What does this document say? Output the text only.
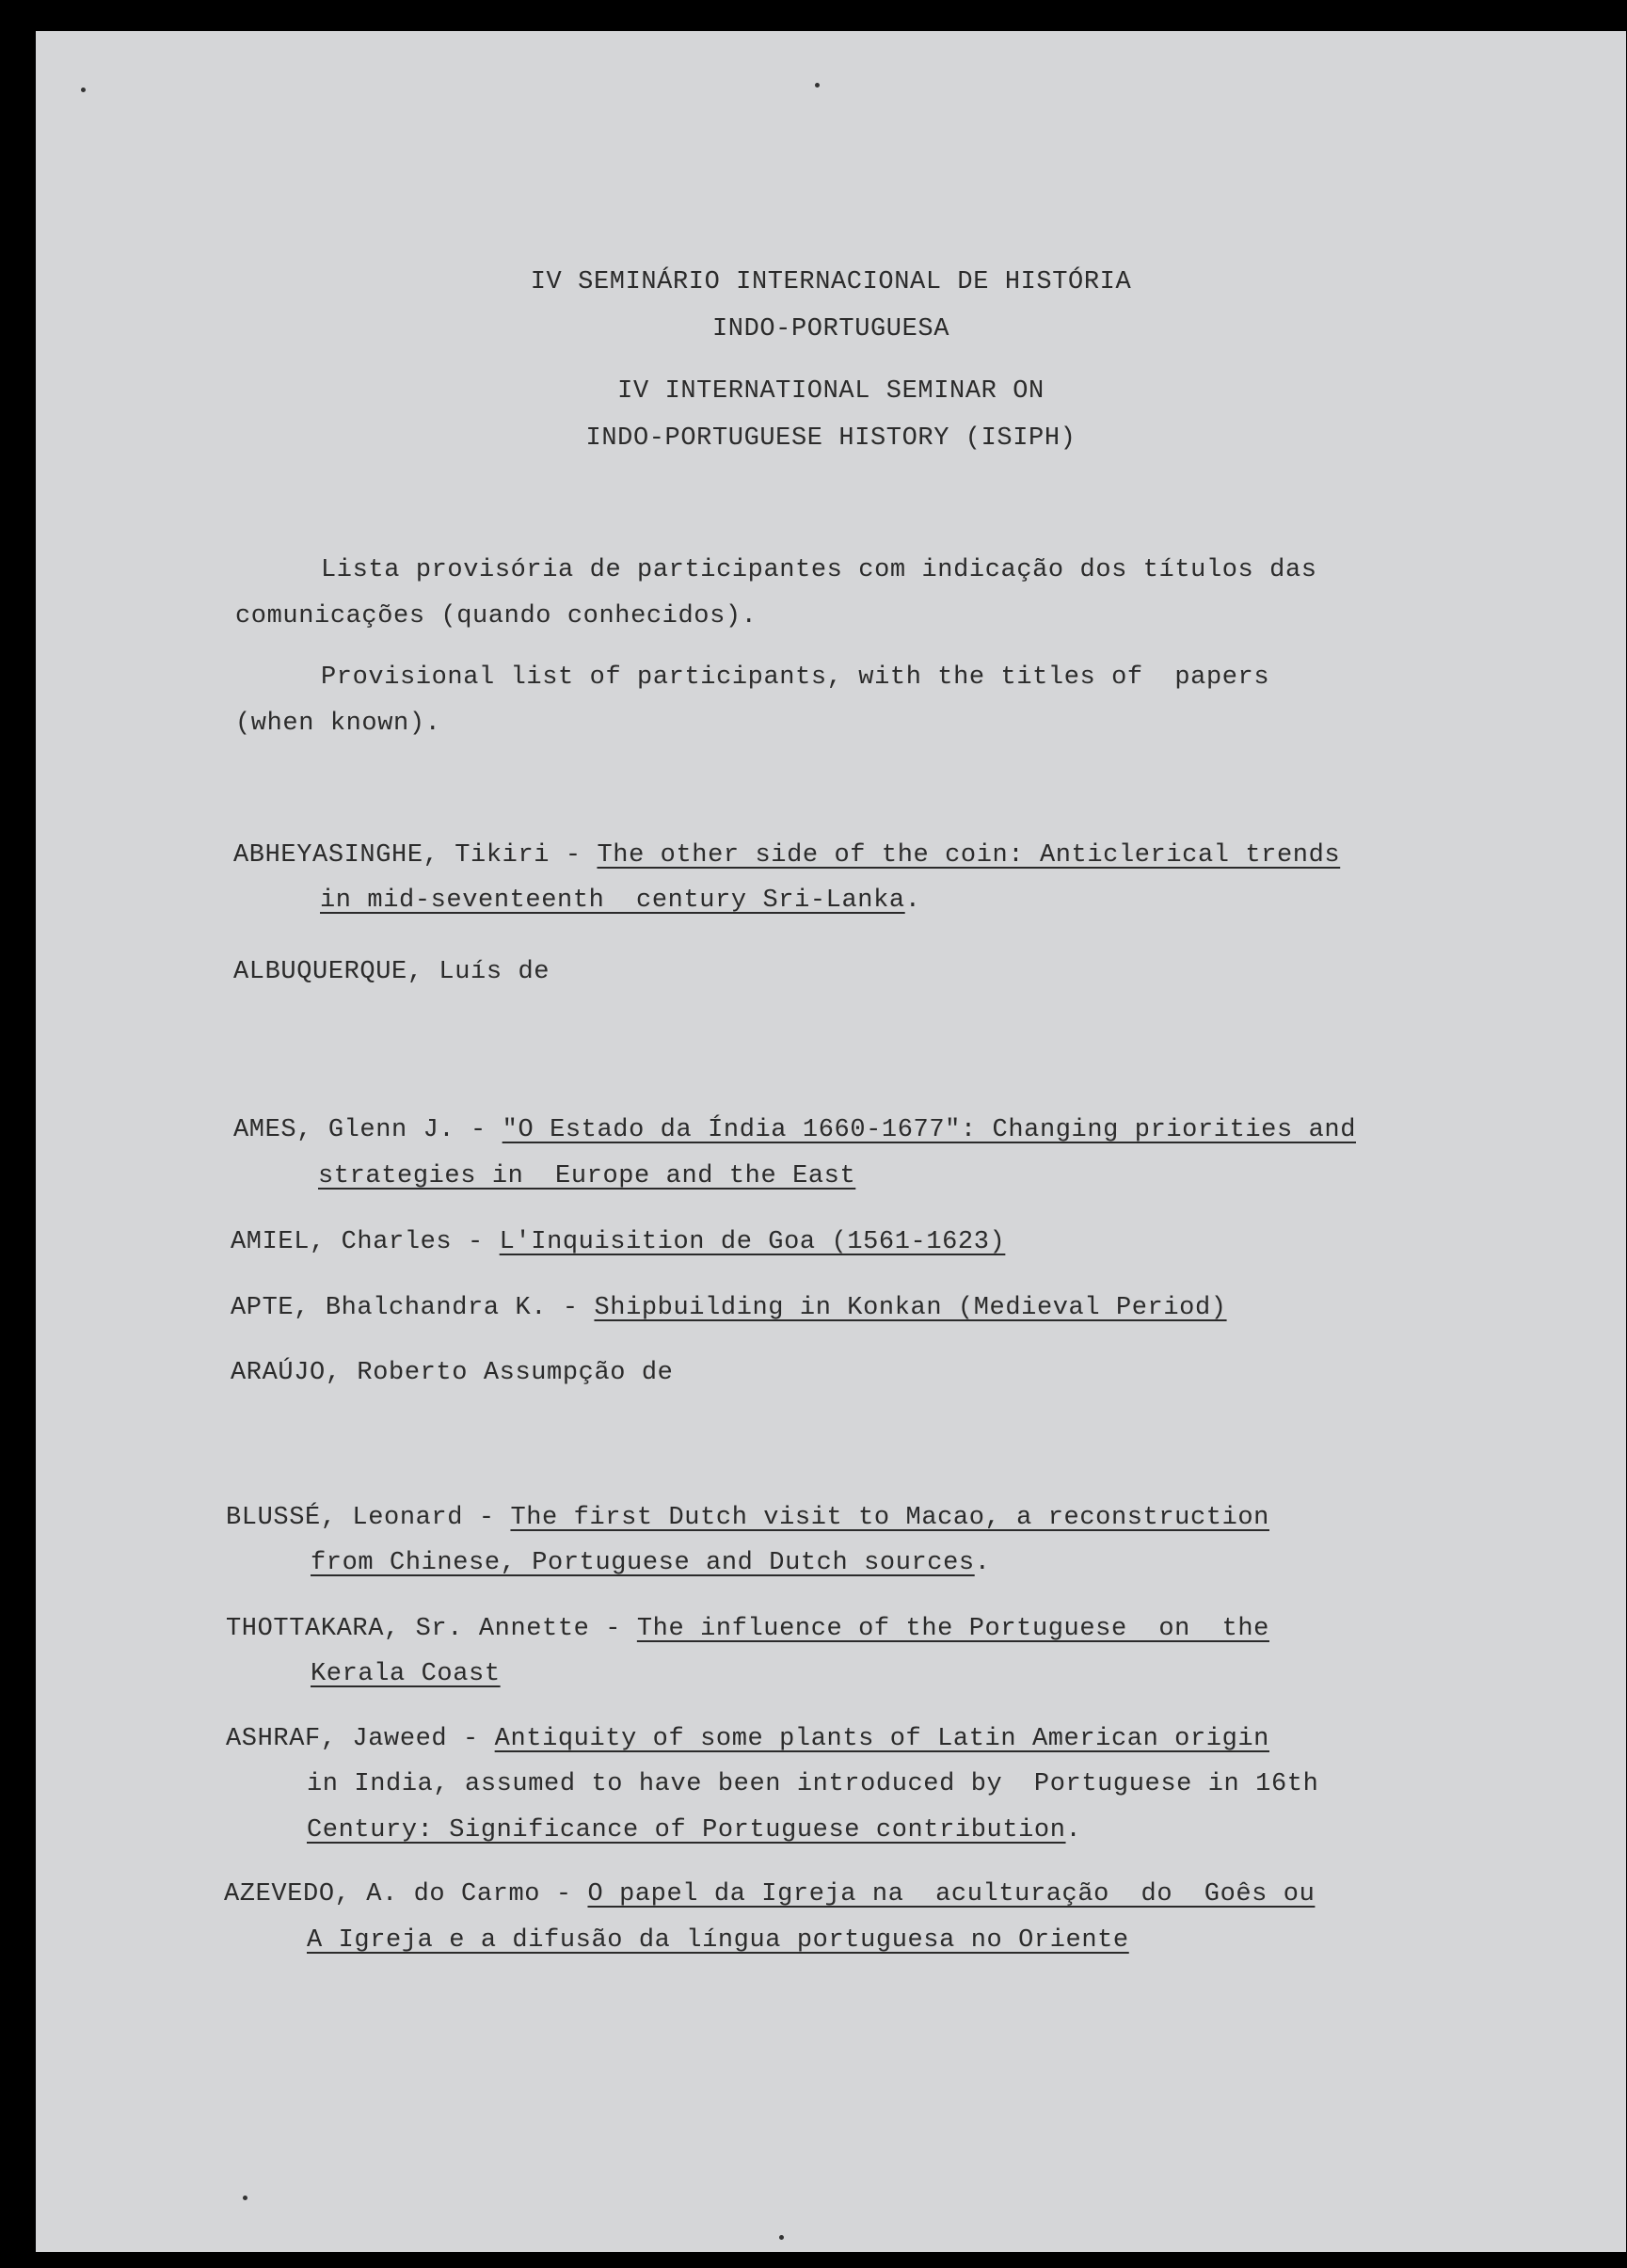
IV SEMINÁRIO INTERNACIONAL DE HISTÓRIA
INDO-PORTUGUESA
IV INTERNATIONAL SEMINAR ON
INDO-PORTUGUESE HISTORY (ISIPH)
Lista provisória de participantes com indicação dos títulos das
comunicações (quando conhecidos).
Provisional list of participants, with the titles of  papers
(when known).
ABHEYASINGHE, Tikiri - The other side of the coin: Anticlerical trends
in mid-seventeenth  century Sri-Lanka.
ALBUQUERQUE, Luís de
AMES, Glenn J. - "O Estado da Índia 1660-1677": Changing priorities and
strategies in  Europe and the East
AMIEL, Charles - L'Inquisition de Goa (1561-1623)
APTE, Bhalchandra K. - Shipbuilding in Konkan (Medieval Period)
ARAÚJO, Roberto Assumpção de
BLUSSÉ, Leonard - The first Dutch visit to Macao, a reconstruction
from Chinese, Portuguese and Dutch sources.
THOTTAKARA, Sr. Annette - The influence of the Portuguese  on  the
Kerala Coast
ASHRAF, Jaweed - Antiquity of some plants of Latin American origin
in India, assumed to have been introduced by  Portuguese in 16th
Century: Significance of Portuguese contribution.
AZEVEDO, A. do Carmo - O papel da Igreja na  aculturação  do  Goês ou
A Igreja e a difusão da língua portuguesa no Oriente
